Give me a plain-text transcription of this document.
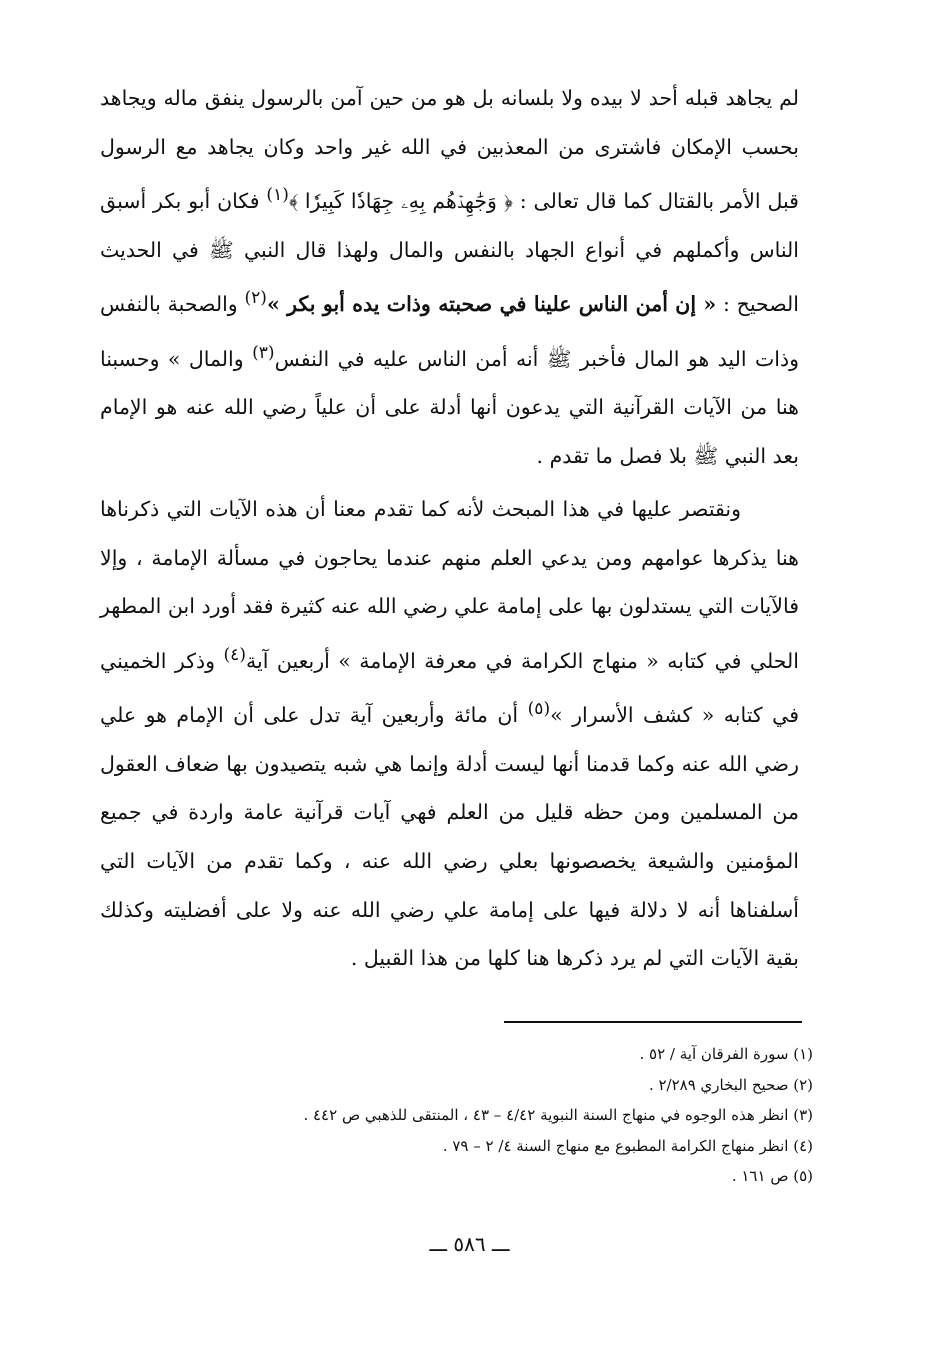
لم يجاهد قبله أحد لا بيده ولا بلسانه بل هو من حين آمن بالرسول ينفق ماله ويجاهد بحسب الإمكان فاشترى من المعذبين في الله غير واحد وكان يجاهد مع الرسول قبل الأمر بالقتال كما قال تعالى : ﴿ وَجَٰهِدۡهُم بِهِۦ جِهَادٗا كَبِيرٗا ﴾$^{(١)}$ فكان أبو بكر أسبق الناس وأكملهم في أنواع الجهاد بالنفس والمال ولهذا قال النبي ﷺ في الحديث الصحيح : « إن أمن الناس علينا في صحبته وذات يده أبو بكر »$^{(٢)}$ والصحبة بالنفس وذات اليد هو المال فأخبر ﷺ أنه أمن الناس عليه في النفس$^{(٣)}$ والمال » وحسبنا هنا من الآيات القرآنية التي يدعون أنها أدلة على أن علياً رضي الله عنه هو الإمام بعد النبي ﷺ بلا فصل ما تقدم .

ونقتصر عليها في هذا المبحث لأنه كما تقدم معنا أن هذه الآيات التي ذكرناها هنا يذكرها عوامهم ومن يدعي العلم منهم عندما يحاجون في مسألة الإمامة ، وإلا فالآيات التي يستدلون بها على إمامة علي رضي الله عنه كثيرة فقد أورد ابن المطهر الحلي في كتابه « منهاج الكرامة في معرفة الإمامة » أربعين آية$^{(٤)}$ وذكر الخميني في كتابه « كشف الأسرار »$^{(٥)}$ أن مائة وأربعين آية تدل على أن الإمام هو علي رضي الله عنه وكما قدمنا أنها ليست أدلة وإنما هي شبه يتصيدون بها ضعاف العقول من المسلمين ومن حظه قليل من العلم فهي آيات قرآنية عامة واردة في جميع المؤمنين والشيعة يخصصونها بعلي رضي الله عنه ، وكما تقدم من الآيات التي أسلفناها أنه لا دلالة فيها على إمامة علي رضي الله عنه ولا على أفضليته وكذلك بقية الآيات التي لم يرد ذكرها هنا كلها من هذا القبيل .

(١) سورة الفرقان آية / ٥٢ .
(٢) صحيح البخاري ٢/٢٨٩ .
(٣) انظر هذه الوجوه في منهاج السنة النبوية ٤/٤٢ – ٤٣ ، المنتقى للذهبي ص ٤٤٢ .
(٤) انظر منهاج الكرامة المطبوع مع منهاج السنة ٤/ ٢ – ٧٩ .
(٥) ص ١٦١ .
ـــ ٥٨٦ ـــ
